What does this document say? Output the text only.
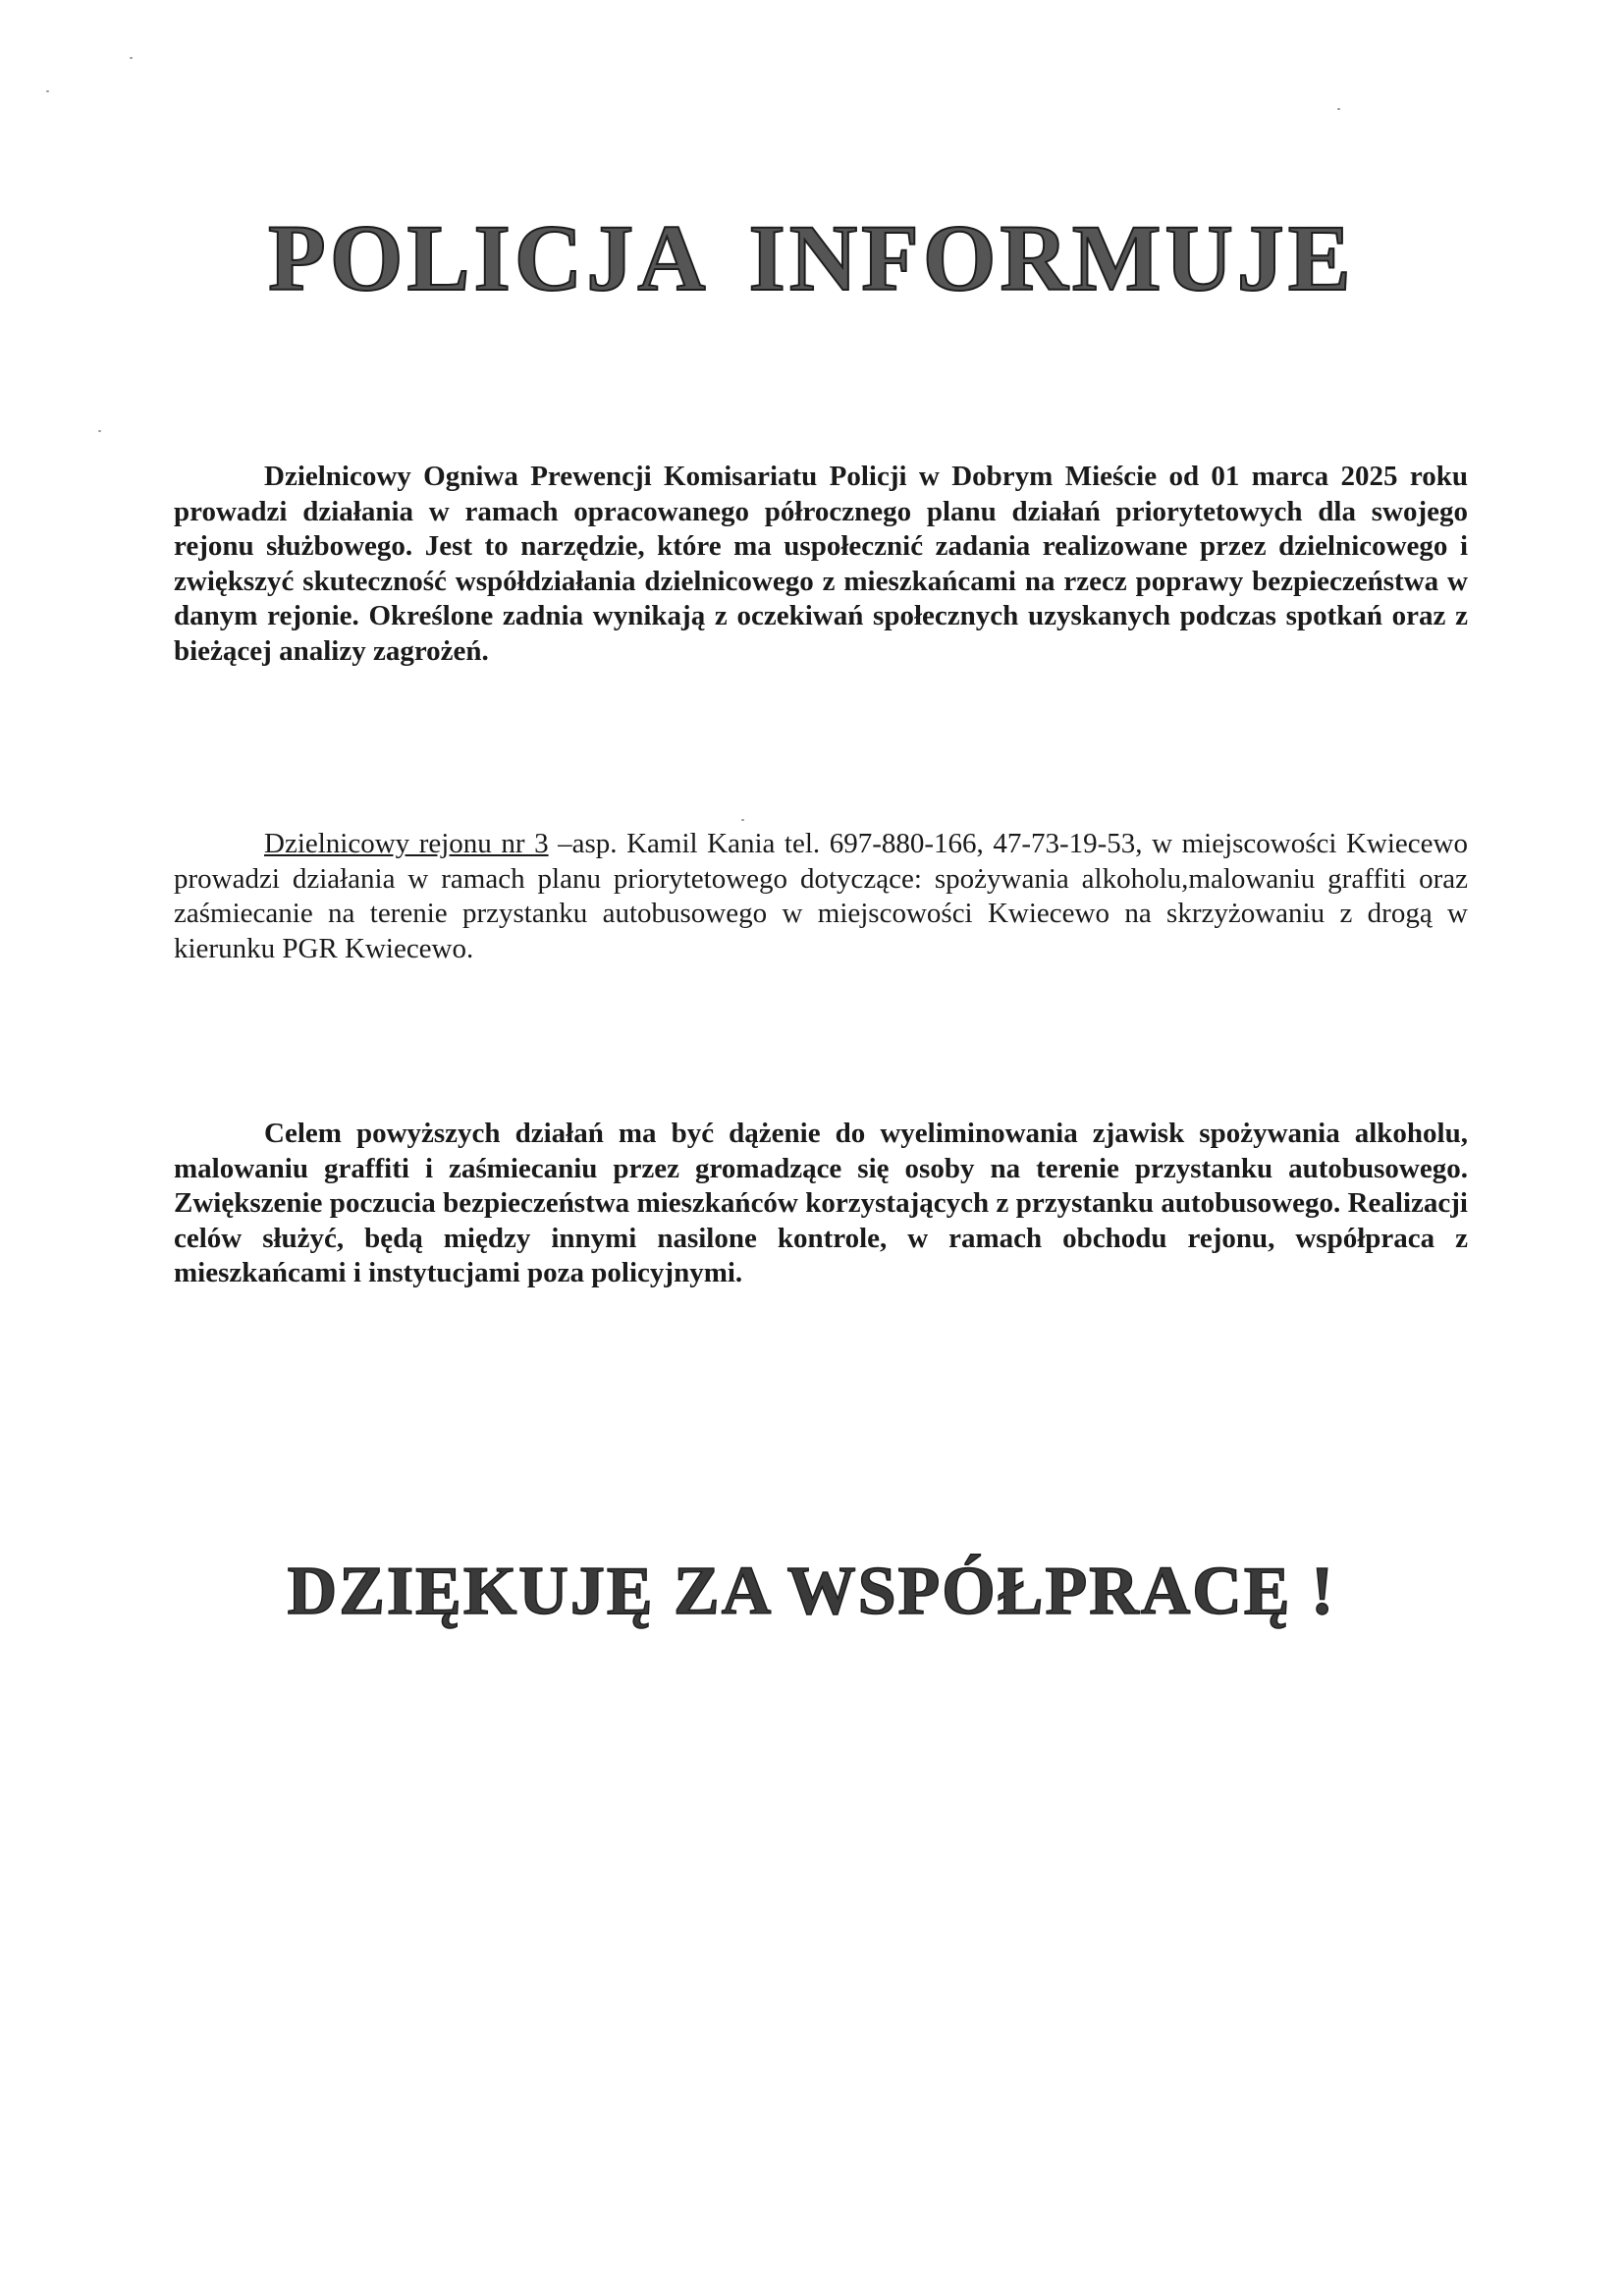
POLICJA INFORMUJE

Dzielnicowy Ogniwa Prewencji Komisariatu Policji w Dobrym Mieście od 01 marca 2025 roku prowadzi działania w ramach opracowanego półrocznego planu działań priorytetowych dla swojego rejonu służbowego. Jest to narzędzie, które ma uspołecznić zadania realizowane przez dzielnicowego i zwiększyć skuteczność współdziałania dzielnicowego z mieszkańcami na rzecz poprawy bezpieczeństwa w danym rejonie. Określone zadnia wynikają z oczekiwań społecznych uzyskanych podczas spotkań oraz z bieżącej analizy zagrożeń.

Dzielnicowy rejonu nr 3 –asp. Kamil Kania tel. 697-880-166, 47-73-19-53, w miejscowości Kwiecewo prowadzi działania w ramach planu priorytetowego dotyczące: spożywania alkoholu,malowaniu graffiti oraz zaśmiecanie na terenie przystanku autobusowego w miejscowości Kwiecewo na skrzyżowaniu z drogą w kierunku PGR Kwiecewo.

Celem powyższych działań ma być dążenie do wyeliminowania zjawisk spożywania alkoholu, malowaniu graffiti i zaśmiecaniu przez gromadzące się osoby na terenie przystanku autobusowego. Zwiększenie poczucia bezpieczeństwa mieszkańców korzystających z przystanku autobusowego. Realizacji celów służyć, będą między innymi nasilone kontrole, w ramach obchodu rejonu, współpraca z mieszkańcami i instytucjami poza policyjnymi.

DZIĘKUJĘ ZA WSPÓŁPRACĘ !
